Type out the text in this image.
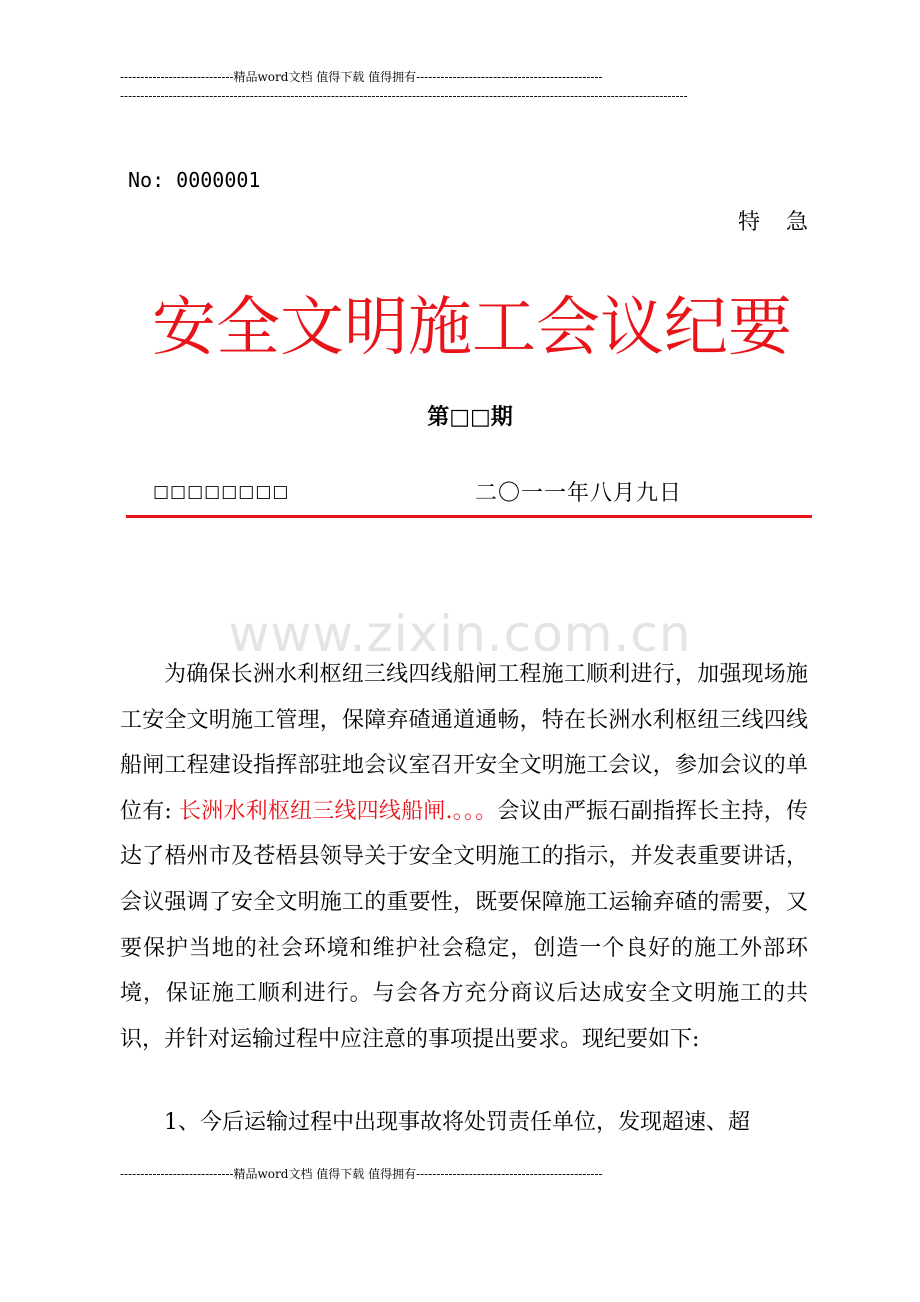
----------------------------精品word文档 值得下载 值得拥有----------------------------------------------
--------------------------------------------------------------------------------------------------------------------------------------------
No: 0000001
特急
安全文明施工会议纪要
第□□期
□□□□□□□□	二〇一一年八月九日
www.zixin.com.cn

为确保长洲水利枢纽三线四线船闸工程施工顺利进行，加强现场施工安全文明施工管理，保障弃碴通道通畅，特在长洲水利枢纽三线四线船闸工程建设指挥部驻地会议室召开安全文明施工会议，参加会议的单位有: 长洲水利枢纽三线四线船闸.。。。会议由严振石副指挥长主持，传达了梧州市及苍梧县领导关于安全文明施工的指示，并发表重要讲话，会议强调了安全文明施工的重要性，既要保障施工运输弃碴的需要，又要保护当地的社会环境和维护社会稳定，创造一个良好的施工外部环境，保证施工顺利进行。与会各方充分商议后达成安全文明施工的共识，并针对运输过程中应注意的事项提出要求。现纪要如下:

1、今后运输过程中出现事故将处罚责任单位，发现超速、超

----------------------------精品word文档 值得下载 值得拥有----------------------------------------------
